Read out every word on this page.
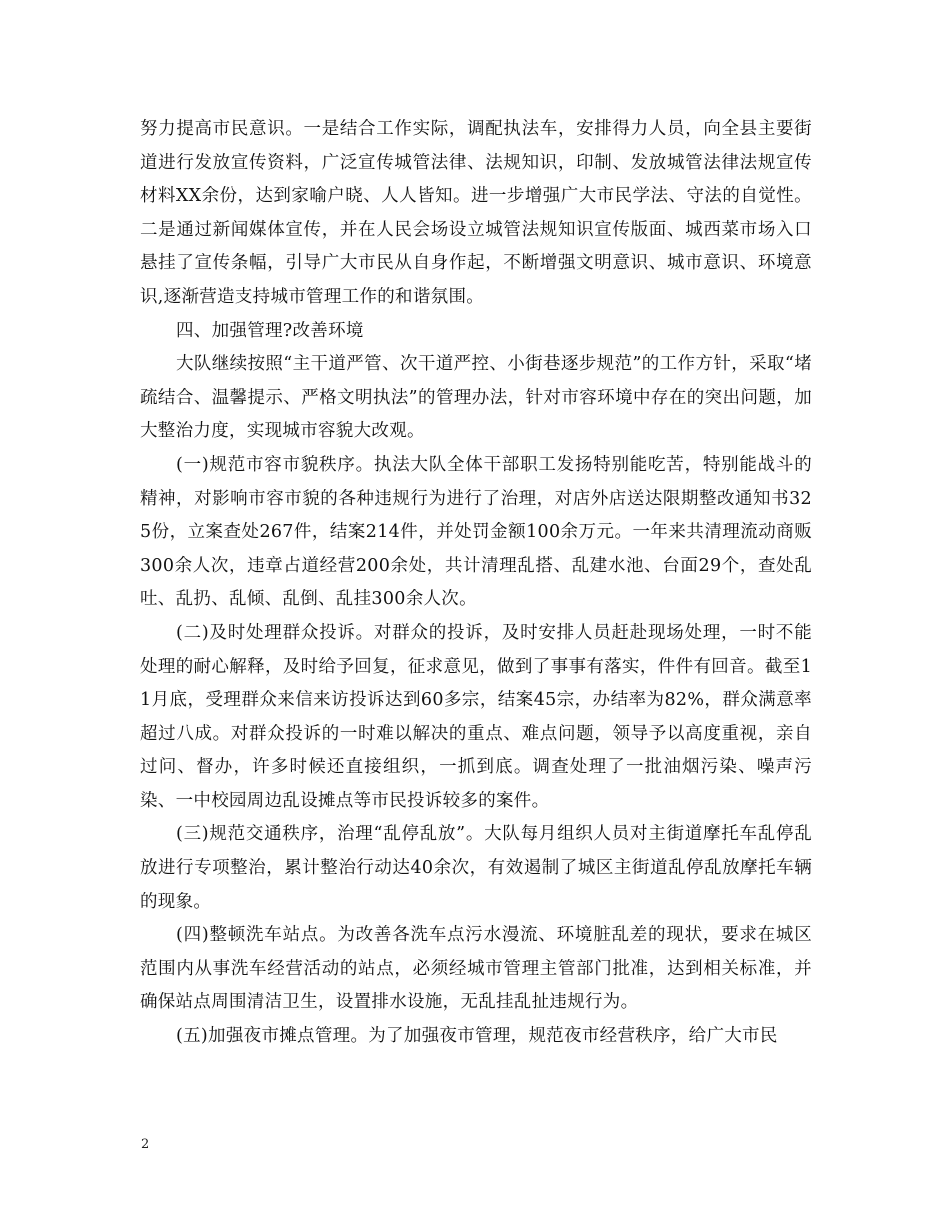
努力提高市民意识。一是结合工作实际，调配执法车，安排得力人员，向全县主要街道进行发放宣传资料，广泛宣传城管法律、法规知识，印制、发放城管法律法规宣传材料XX余份，达到家喻户晓、人人皆知。进一步增强广大市民学法、守法的自觉性。二是通过新闻媒体宣传，并在人民会场设立城管法规知识宣传版面、城西菜市场入口悬挂了宣传条幅，引导广大市民从自身作起，不断增强文明意识、城市意识、环境意识,逐渐营造支持城市管理工作的和谐氛围。

四、加强管理?改善环境

大队继续按照“主干道严管、次干道严控、小街巷逐步规范”的工作方针，采取“堵疏结合、温馨提示、严格文明执法”的管理办法，针对市容环境中存在的突出问题，加大整治力度，实现城市容貌大改观。

(一)规范市容市貌秩序。执法大队全体干部职工发扬特别能吃苦，特别能战斗的精神，对影响市容市貌的各种违规行为进行了治理，对店外店送达限期整改通知书325份，立案查处267件，结案214件，并处罚金额100余万元。一年来共清理流动商贩300余人次，违章占道经营200余处，共计清理乱搭、乱建水池、台面29个，查处乱吐、乱扔、乱倾、乱倒、乱挂300余人次。

(二)及时处理群众投诉。对群众的投诉，及时安排人员赶赴现场处理，一时不能处理的耐心解释，及时给予回复，征求意见，做到了事事有落实，件件有回音。截至11月底，受理群众来信来访投诉达到60多宗，结案45宗，办结率为82%，群众满意率超过八成。对群众投诉的一时难以解决的重点、难点问题，领导予以高度重视，亲自过问、督办，许多时候还直接组织，一抓到底。调查处理了一批油烟污染、噪声污染、一中校园周边乱设摊点等市民投诉较多的案件。

(三)规范交通秩序，治理“乱停乱放”。大队每月组织人员对主街道摩托车乱停乱放进行专项整治，累计整治行动达40余次，有效遏制了城区主街道乱停乱放摩托车辆的现象。

(四)整顿洗车站点。为改善各洗车点污水漫流、环境脏乱差的现状，要求在城区范围内从事洗车经营活动的站点，必须经城市管理主管部门批准，达到相关标准，并确保站点周围清洁卫生，设置排水设施，无乱挂乱扯违规行为。

(五)加强夜市摊点管理。为了加强夜市管理，规范夜市经营秩序，给广大市民

2
